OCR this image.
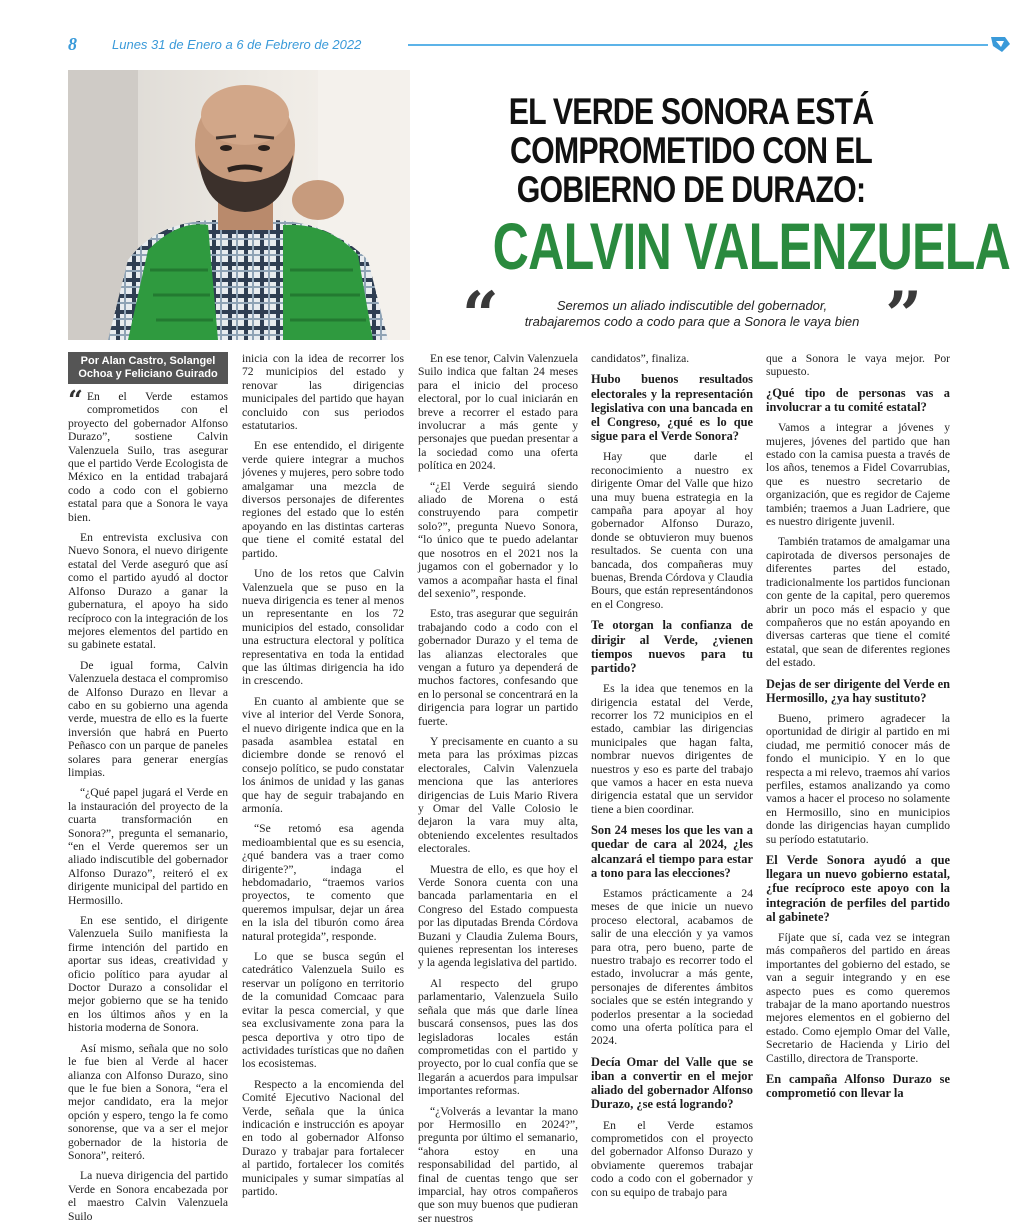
8	Lunes 31 de Enero a 6 de Febrero de 2022
EL VERDE SONORA ESTÁ
COMPROMETIDO CON EL
GOBIERNO DE DURAZO:
CALVIN VALENZUELA
“	Seremos un aliado indiscutible del gobernador, trabajaremos codo a codo para que a Sonora le vaya bien ”
Por Alan Castro, Solangel Ochoa y Feliciano Guirado

“ En el Verde estamos comprometidos con el proyecto del gobernador Alfonso Durazo”, sostiene Calvin Valenzuela Suilo, tras asegurar que el partido Verde Ecologista de México en la entidad trabajará codo a codo con el gobierno estatal para que a Sonora le vaya bien.

En entrevista exclusiva con Nuevo Sonora, el nuevo dirigente estatal del Verde aseguró que así como el partido ayudó al doctor Alfonso Durazo a ganar la gubernatura, el apoyo ha sido recíproco con la integración de los mejores elementos del partido en su gabinete estatal.

De igual forma, Calvin Valenzuela destaca el compromiso de Alfonso Durazo en llevar a cabo en su gobierno una agenda verde, muestra de ello es la fuerte inversión que habrá en Puerto Peñasco con un parque de paneles solares para generar energías limpias.

“¿Qué papel jugará el Verde en la instauración del proyecto de la cuarta transformación en Sonora?”, pregunta el semanario, “en el Verde queremos ser un aliado indiscutible del gobernador Alfonso Durazo”, reiteró el ex dirigente municipal del partido en Hermosillo.

En ese sentido, el dirigente Valenzuela Suilo manifiesta la firme intención del partido en aportar sus ideas, creatividad y oficio político para ayudar al Doctor Durazo a consolidar el mejor gobierno que se ha tenido en los últimos años y en la historia moderna de Sonora.

Así mismo, señala que no solo le fue bien al Verde al hacer alianza con Alfonso Durazo, sino que le fue bien a Sonora, “era el mejor candidato, era la mejor opción y espero, tengo la fe como sonorense, que va a ser el mejor gobernador de la historia de Sonora”, reiteró.

La nueva dirigencia del partido Verde en Sonora encabezada por el maestro Calvin Valenzuela Suilo

inicia con la idea de recorrer los 72 municipios del estado y renovar las dirigencias municipales del partido que hayan concluido con sus periodos estatutarios.

En ese entendido, el dirigente verde quiere integrar a muchos jóvenes y mujeres, pero sobre todo amalgamar una mezcla de diversos personajes de diferentes regiones del estado que lo estén apoyando en las distintas carteras que tiene el comité estatal del partido.

Uno de los retos que Calvin Valenzuela que se puso en la nueva dirigencia es tener al menos un representante en los 72 municipios del estado, consolidar una estructura electoral y política representativa en toda la entidad que las últimas dirigencia ha ido in crescendo.

En cuanto al ambiente que se vive al interior del Verde Sonora, el nuevo dirigente indica que en la pasada asamblea estatal en diciembre donde se renovó el consejo político, se pudo constatar los ánimos de unidad y las ganas que hay de seguir trabajando en armonía.

“Se retomó esa agenda medioambiental que es su esencia, ¿qué bandera vas a traer como dirigente?”, indaga el hebdomadario, “traemos varios proyectos, te comento que queremos impulsar, dejar un área en la isla del tiburón como área natural protegida”, responde.

Lo que se busca según el catedrático Valenzuela Suilo es reservar un polígono en territorio de la comunidad Comcaac para evitar la pesca comercial, y que sea exclusivamente zona para la pesca deportiva y otro tipo de actividades turísticas que no dañen los ecosistemas.

Respecto a la encomienda del Comité Ejecutivo Nacional del Verde, señala que la única indicación e instrucción es apoyar en todo al gobernador Alfonso Durazo y trabajar para fortalecer al partido, fortalecer los comités municipales y sumar simpatías al partido.

En ese tenor, Calvin Valenzuela Suilo indica que faltan 24 meses para el inicio del proceso electoral, por lo cual iniciarán en breve a recorrer el estado para involucrar a más gente y personajes que puedan presentar a la sociedad como una oferta política en 2024.

“¿El Verde seguirá siendo aliado de Morena o está construyendo para competir solo?”, pregunta Nuevo Sonora, “lo único que te puedo adelantar que nosotros en el 2021 nos la jugamos con el gobernador y lo vamos a acompañar hasta el final del sexenio”, responde.

Esto, tras asegurar que seguirán trabajando codo a codo con el gobernador Durazo y el tema de las alianzas electorales que vengan a futuro ya dependerá de muchos factores, confesando que en lo personal se concentrará en la dirigencia para lograr un partido fuerte.

Y precisamente en cuanto a su meta para las próximas pizcas electorales, Calvin Valenzuela menciona que las anteriores dirigencias de Luis Mario Rivera y Omar del Valle Colosio le dejaron la vara muy alta, obteniendo excelentes resultados electorales.

Muestra de ello, es que hoy el Verde Sonora cuenta con una bancada parlamentaria en el Congreso del Estado compuesta por las diputadas Brenda Córdova Buzani y Claudia Zulema Bours, quienes representan los intereses y la agenda legislativa del partido.

Al respecto del grupo parlamentario, Valenzuela Suilo señala que más que darle línea buscará consensos, pues las dos legisladoras locales están comprometidas con el partido y proyecto, por lo cual confía que se llegarán a acuerdos para impulsar importantes reformas.

“¿Volverás a levantar la mano por Hermosillo en 2024?”, pregunta por último el semanario, “ahora estoy en una responsabilidad del partido, al final de cuentas tengo que ser imparcial, hay otros compañeros que son muy buenos que pudieran ser nuestros

candidatos”, finaliza.

Hubo buenos resultados electorales y la representación legislativa con una bancada en el Congreso, ¿qué es lo que sigue para el Verde Sonora?

Hay que darle el reconocimiento a nuestro ex dirigente Omar del Valle que hizo una muy buena estrategia en la campaña para apoyar al hoy gobernador Alfonso Durazo, donde se obtuvieron muy buenos resultados. Se cuenta con una bancada, dos compañeras muy buenas, Brenda Córdova y Claudia Bours, que están representándonos en el Congreso.

Te otorgan la confianza de dirigir al Verde, ¿vienen tiempos nuevos para tu partido?

Es la idea que tenemos en la dirigencia estatal del Verde, recorrer los 72 municipios en el estado, cambiar las dirigencias municipales que hagan falta, nombrar nuevos dirigentes de nuestros y eso es parte del trabajo que vamos a hacer en esta nueva dirigencia estatal que un servidor tiene a bien coordinar.

Son 24 meses los que les van a quedar de cara al 2024, ¿les alcanzará el tiempo para estar a tono para las elecciones?

Estamos prácticamente a 24 meses de que inicie un nuevo proceso electoral, acabamos de salir de una elección y ya vamos para otra, pero bueno, parte de nuestro trabajo es recorrer todo el estado, involucrar a más gente, personajes de diferentes ámbitos sociales que se estén integrando y poderlos presentar a la sociedad como una oferta política para el 2024.

Decía Omar del Valle que se iban a convertir en el mejor aliado del gobernador Alfonso Durazo, ¿se está logrando?

En el Verde estamos comprometidos con el proyecto del gobernador Alfonso Durazo y obviamente queremos trabajar codo a codo con el gobernador y con su equipo de trabajo para

que a Sonora le vaya mejor. Por supuesto.

¿Qué tipo de personas vas a involucrar a tu comité estatal?

Vamos a integrar a jóvenes y mujeres, jóvenes del partido que han estado con la camisa puesta a través de los años, tenemos a Fidel Covarrubias, que es nuestro secretario de organización, que es regidor de Cajeme también; traemos a Juan Ladriere, que es nuestro dirigente juvenil.

También tratamos de amalgamar una capirotada de diversos personajes de diferentes partes del estado, tradicionalmente los partidos funcionan con gente de la capital, pero queremos abrir un poco más el espacio y que compañeros que no están apoyando en diversas carteras que tiene el comité estatal, que sean de diferentes regiones del estado.

Dejas de ser dirigente del Verde en Hermosillo, ¿ya hay sustituto?

Bueno, primero agradecer la oportunidad de dirigir al partido en mi ciudad, me permitió conocer más de fondo el municipio. Y en lo que respecta a mi relevo, traemos ahí varios perfiles, estamos analizando ya como vamos a hacer el proceso no solamente en Hermosillo, sino en municipios donde las dirigencias hayan cumplido su período estatutario.

El Verde Sonora ayudó a que llegara un nuevo gobierno estatal, ¿fue recíproco este apoyo con la integración de perfiles del partido al gabinete?

Fíjate que sí, cada vez se integran más compañeros del partido en áreas importantes del gobierno del estado, se van a seguir integrando y en ese aspecto pues es como queremos trabajar de la mano aportando nuestros mejores elementos en el gobierno del estado. Como ejemplo Omar del Valle, Secretario de Hacienda y Lirio del Castillo, directora de Transporte.

En campaña Alfonso Durazo se comprometió con llevar la
